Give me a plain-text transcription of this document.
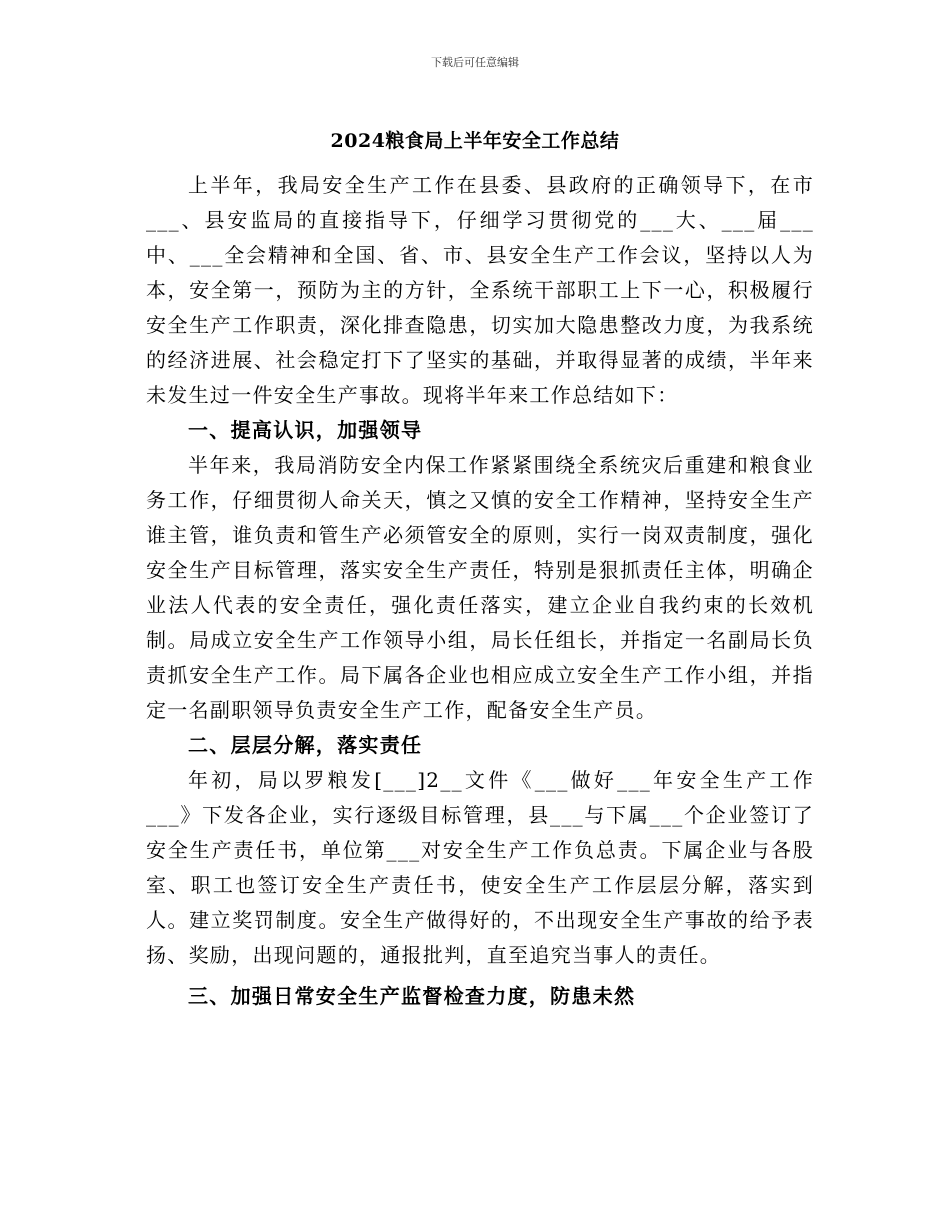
下载后可任意编辑
2024粮食局上半年安全工作总结

上半年，我局安全生产工作在县委、县政府的正确领导下，在市___、县安监局的直接指导下，仔细学习贯彻党的___大、___届___中、___全会精神和全国、省、市、县安全生产工作会议，坚持以人为本，安全第一，预防为主的方针，全系统干部职工上下一心，积极履行安全生产工作职责，深化排查隐患，切实加大隐患整改力度，为我系统的经济进展、社会稳定打下了坚实的基础，并取得显著的成绩，半年来未发生过一件安全生产事故。现将半年来工作总结如下：

一、提高认识，加强领导

半年来，我局消防安全内保工作紧紧围绕全系统灾后重建和粮食业务工作，仔细贯彻人命关天，慎之又慎的安全工作精神，坚持安全生产谁主管，谁负责和管生产必须管安全的原则，实行一岗双责制度，强化安全生产目标管理，落实安全生产责任，特别是狠抓责任主体，明确企业法人代表的安全责任，强化责任落实，建立企业自我约束的长效机制。局成立安全生产工作领导小组，局长任组长，并指定一名副局长负责抓安全生产工作。局下属各企业也相应成立安全生产工作小组，并指定一名副职领导负责安全生产工作，配备安全生产员。

二、层层分解，落实责任

年初，局以罗粮发[___]2__文件《___做好___年安全生产工作___》下发各企业，实行逐级目标管理，县___与下属___个企业签订了安全生产责任书，单位第___对安全生产工作负总责。下属企业与各股室、职工也签订安全生产责任书，使安全生产工作层层分解，落实到人。建立奖罚制度。安全生产做得好的，不出现安全生产事故的给予表扬、奖励，出现问题的，通报批判，直至追究当事人的责任。

三、加强日常安全生产监督检查力度，防患未然
